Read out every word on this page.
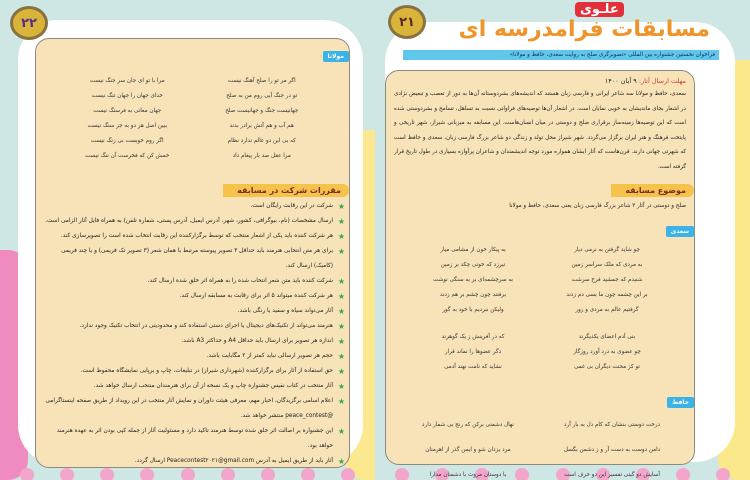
۲۲
مولانا
اگر مر تو را صلح آهنگ نیست
مرا با تو ای جان سر جنگ نیست
تو در جنگ آیی روم من به صلح
خدای جهان را جهان تنگ نیست
جهانیست جنگ و جهانیست صلح
جهان معانی به فرسنگ نیست
هم آب و هم آتش برادر بدند
ببین اصل هر دو به جز سنگ نیست
که بی این دو عالم ندارد نظام
اگر روم خوبست بی زنگ نیست
مرا عقل صد بار پیغام داد
خمش کن که فخرست آن ننگ نیست
مقررات شرکت در مسابقه
★
شرکت در این رقابت رایگان است.
★
ارسال مشخصات (نام، بیوگرافی، کشور، شهر، آدرس ایمیل، آدرس پستی، شماره تلفن) به همراه فایل آثار الزامی است.
★
هر شرکت کننده باید یکی از اشعار منتخب که توسط برگزارکننده این رقابت انتخاب شده است را تصویرسازی کند.
★
برای هر متن انتخابی هنرمند باید حداقل ۳ تصویر پیوسته مرتبط با همان شعر (۳ تصویر تک فریمی) و یا چند فریمی (کامیک) ارسال کند.
★
شرکت کننده باید متن شعر انتخاب شده را به همراه اثر خلق شده ارسال کند.
★
هر شرکت کننده میتواند ۵ اثر برای رقابت به مسابقه ارسال کند.
★
آثار می‌تواند سیاه و سفید یا رنگی باشد.
★
هنرمند می‌تواند از تکنیک‌های دیجیتال یا اجرای دستی استفاده کند و محدودیتی در انتخاب تکنیک وجود ندارد.
★
اندازه هر تصویر برای ارسال باید حداقل A4 و حداکثر A3 باشد.
★
حجم هر تصویر ارسالی نباید کمتر از ۲ مگابایت باشد.
★
حق استفاده از آثار برای برگزارکننده (شهرداری شیراز) در تبلیغات، چاپ و برپایی نمایشگاه محفوظ است.
★
آثار منتخب در کتاب نفیس جشنواره چاپ و یک نسخه از آن برای هنرمندان منتخب ارسال خواهد شد.
★
اعلام اسامی برگزیدگان، اخبار مهم، معرفی هیئت داوران و نمایش آثار منتخب در این رویداد از طریق صفحه اینستاگرامی @peace_contest منتشر خواهد شد.
★
این جشنواره بر اصالت اثر خلق شده توسط هنرمند تاکید دارد و مسئولیت آثار از جمله کپی بودن اثر به عهده هنرمند خواهد بود.
★
آثار باید از طریق ایمیل به آدرس Peacecontest۲۰۲۱@gmail.com ارسال گردد.
۲۱
علـوی
مسابقات فرامدرسه ای
فراخوان نخستین جشنواره بین المللی «تصویرگری صلح به روایت سعدی، حافظ و مولانا»
مهلت ارسال آثار: ۹ آبان ۱۴۰۰

سعدی، حافظ و مولانا سه شاعر ایرانی و فارسی زبان هستند که اندیشه‌های بشردوستانه آن‌ها به دور از تعصب و تبعیض نژادی در اشعار بجای ماندیشان به خوبی نمایان است. در اشعار آن‌ها توصیه‌های فراوانی نسبت به تساهل، تسامح و بشردوستی شده است که این توصیه‌ها زمینه‌ساز برقراری صلح و دوستی در میان انسان‌هاست. این مسابقه به میزبانی شیراز، شهر تاریخی و پایتخت فرهنگ و هنر ایران برگزار می‌گردد. شهر شیراز محل تولد و زندگی دو شاعر بزرگ فارسی زبان، سعدی و حافظ است که شهرتی جهانی دارند. قرن‌هاست که آثار ایشان همواره مورد توجه اندیشمندان و شاعران پرآوازه بسیاری در طول تاریخ قرار گرفته است.

موضوع مسابقه

صلح و دوستی در آثار ۳ شاعر بزرگ فارسی زبان یعنی سعدی، حافظ و مولانا

سعدی
چو شاید گرفتن به نرمی دیار
به پیکار خون از مشامی میار
به مردی که ملک سراسر زمین
نیرزد که خونی چکد بر زمین
شنیدم که جمشید فرخ سرشت
به سرچشمه‌ای بر به سنگی نوشت
بر این چشمه چون ما بسی دم زدند
برفتند چون چشم بر هم زدند
گرفتیم عالم به مردی و زور
ولیکن نبردیم با خود به گور
بنی آدم اعضای یکدیگرند
که در آفرینش ز یک گوهرند
چو عضوی به درد آورد روزگار
دگر عضوها را نماند قرار
تو کز محنت دیگران بی غمی
نشاید که نامت نهند آدمی
حافظ
درخت دوستی بنشان که کام دل به بار آرد
نهال دشمنی برکن که رنج بی شمار دارد
دامن دوست به دست آر و ز دشمن بگسل
مرد یزدان شو و ایمن گذر از اهرمنان
آسایش دو گیتی تفسیر این دو حرف است
با دوستان مروت با دشمنان مدارا
